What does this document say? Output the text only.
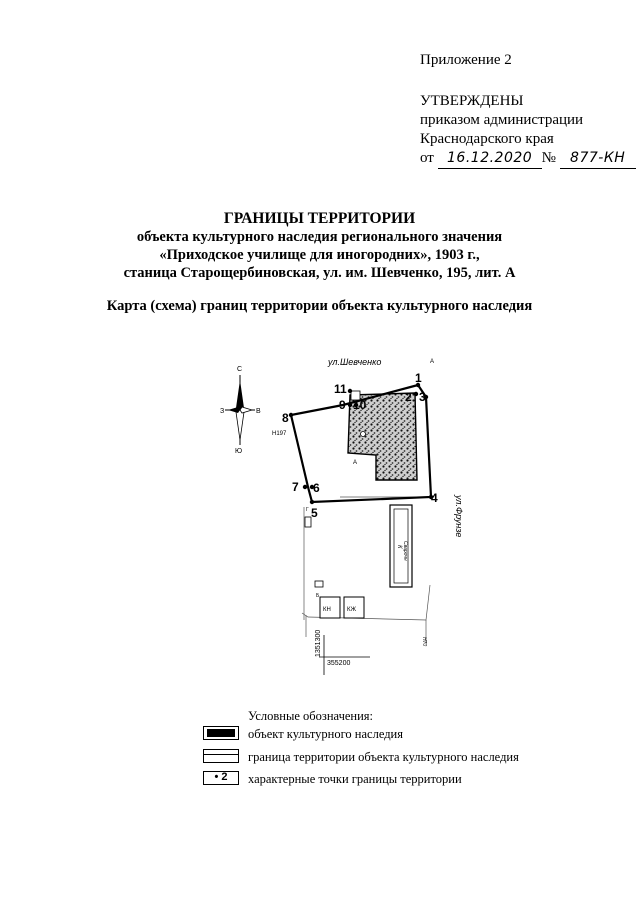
Приложение 2
УТВЕРЖДЕНЫ
приказом администрации
Краснодарского края
от 16.12.2020 № 877-КН
ГРАНИЦЫ ТЕРРИТОРИИ
объекта культурного наследия регионального значения
«Приходское училище для иногородних», 1903 г.,
станица Старощербиновская, ул. им. Шевченко, 195, лит. А
Карта (схема) границ территории объекта культурного наследия
С
Ю
З	В
ул.Шевченко
ул.Фрунзе
А
А
К Сварочн
КН	КЖ
Б
Г
1
2 3
4
5
6
7
8
9 10
11
Н197
Н70
1351300
355200
Условные обозначения:
объект культурного наследия
граница территории объекта культурного наследия
• 2	характерные точки границы территории
